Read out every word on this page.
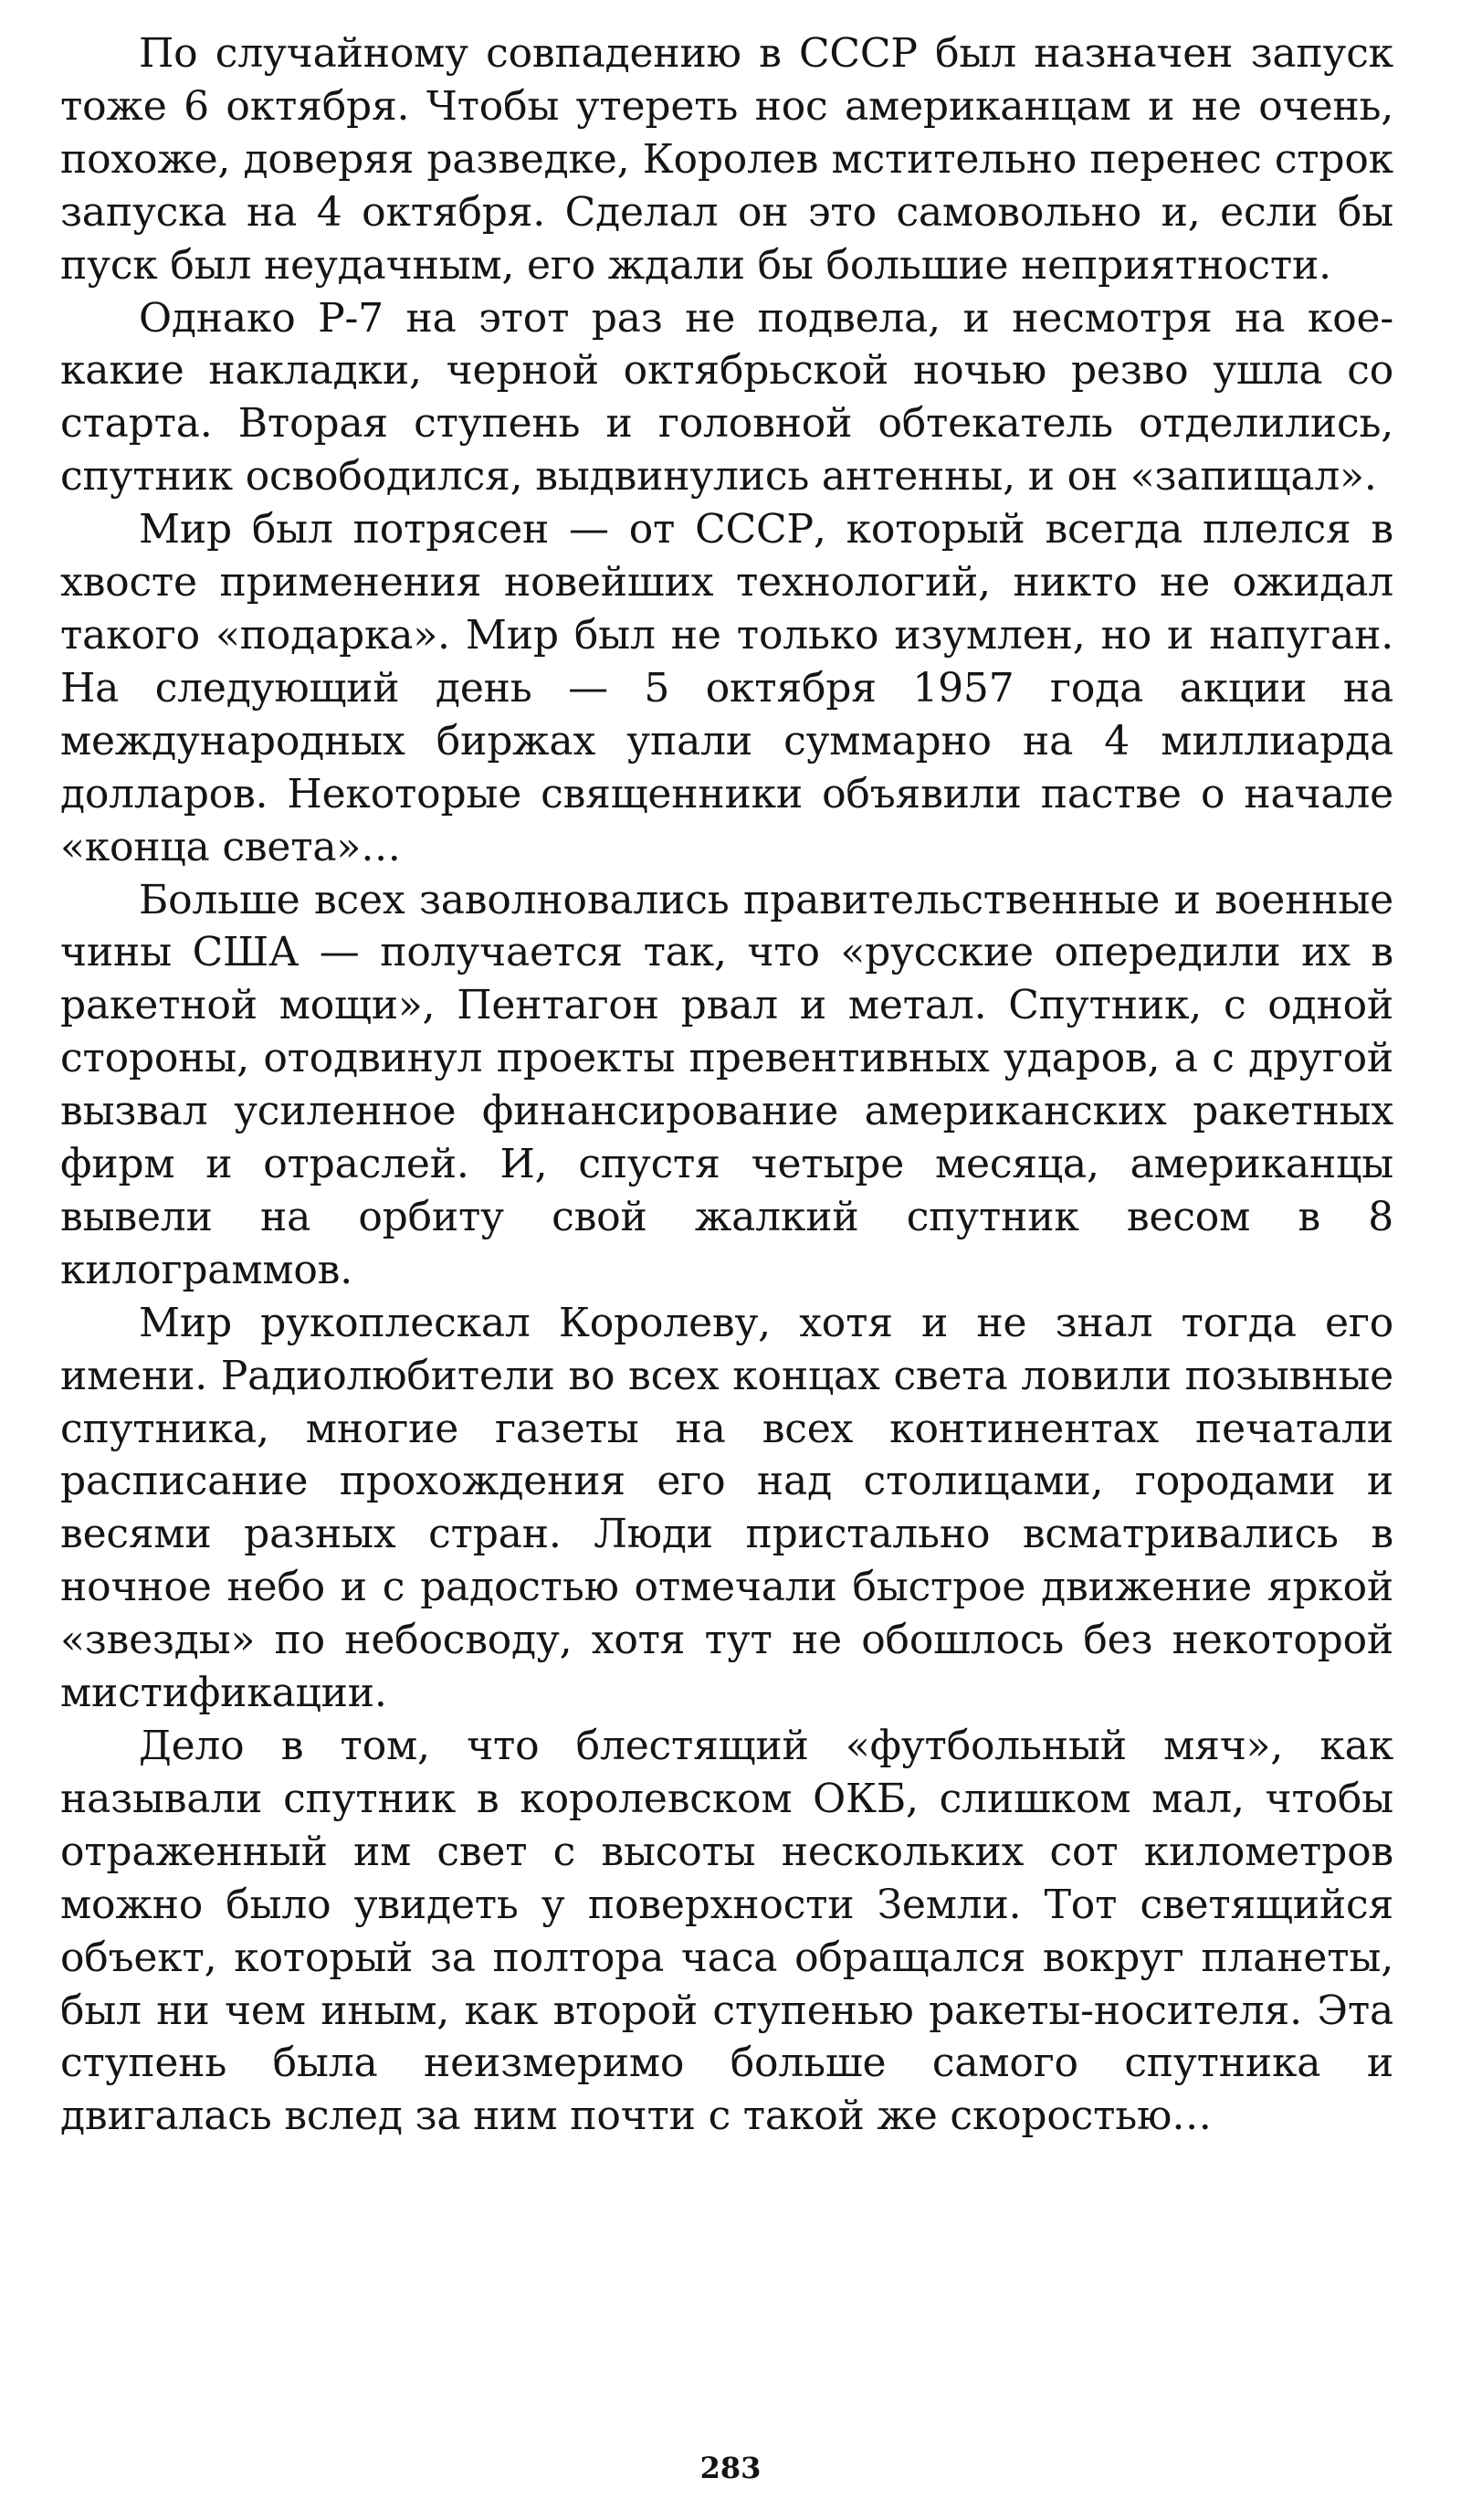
По случайному совпадению в СССР был назначен запуск тоже 6 октября. Чтобы утереть нос американцам и не очень, похоже, доверяя разведке, Королев мстительно перенес строк запуска на 4 октября. Сделал он это самовольно и, если бы пуск был неудачным, его ждали бы большие неприятности.

Однако Р-7 на этот раз не подвела, и несмотря на кое-какие накладки, черной октябрьской ночью резво ушла со старта. Вторая ступень и головной обтекатель отделились, спутник освободился, выдвинулись антенны, и он «запищал».

Мир был потрясен — от СССР, который всегда плелся в хвосте применения новейших технологий, никто не ожидал такого «подарка». Мир был не только изумлен, но и напуган. На следующий день — 5 октября 1957 года акции на международных биржах упали суммарно на 4 миллиарда долларов. Некоторые священники объявили пастве о начале «конца света»…

Больше всех заволновались правительственные и военные чины США — получается так, что «русские опередили их в ракетной мощи», Пентагон рвал и метал. Спутник, с одной стороны, отодвинул проекты превентивных ударов, а с другой вызвал усиленное финансирование американских ракетных фирм и отраслей. И, спустя четыре месяца, американцы вывели на орбиту свой жалкий спутник весом в 8 килограммов.

Мир рукоплескал Королеву, хотя и не знал тогда его имени. Радиолюбители во всех концах света ловили позывные спутника, многие газеты на всех континентах печатали расписание прохождения его над столицами, городами и весями разных стран. Люди пристально всматривались в ночное небо и с радостью отмечали быстрое движение яркой «звезды» по небосводу, хотя тут не обошлось без некоторой мистификации.

Дело в том, что блестящий «футбольный мяч», как называли спутник в королевском ОКБ, слишком мал, чтобы отраженный им свет с высоты нескольких сот километров можно было увидеть у поверхности Земли. Тот светящийся объект, который за полтора часа обращался вокруг планеты, был ни чем иным, как второй ступенью ракеты-носителя. Эта ступень была неизмеримо больше самого спутника и двигалась вслед за ним почти с такой же скоростью…

283
